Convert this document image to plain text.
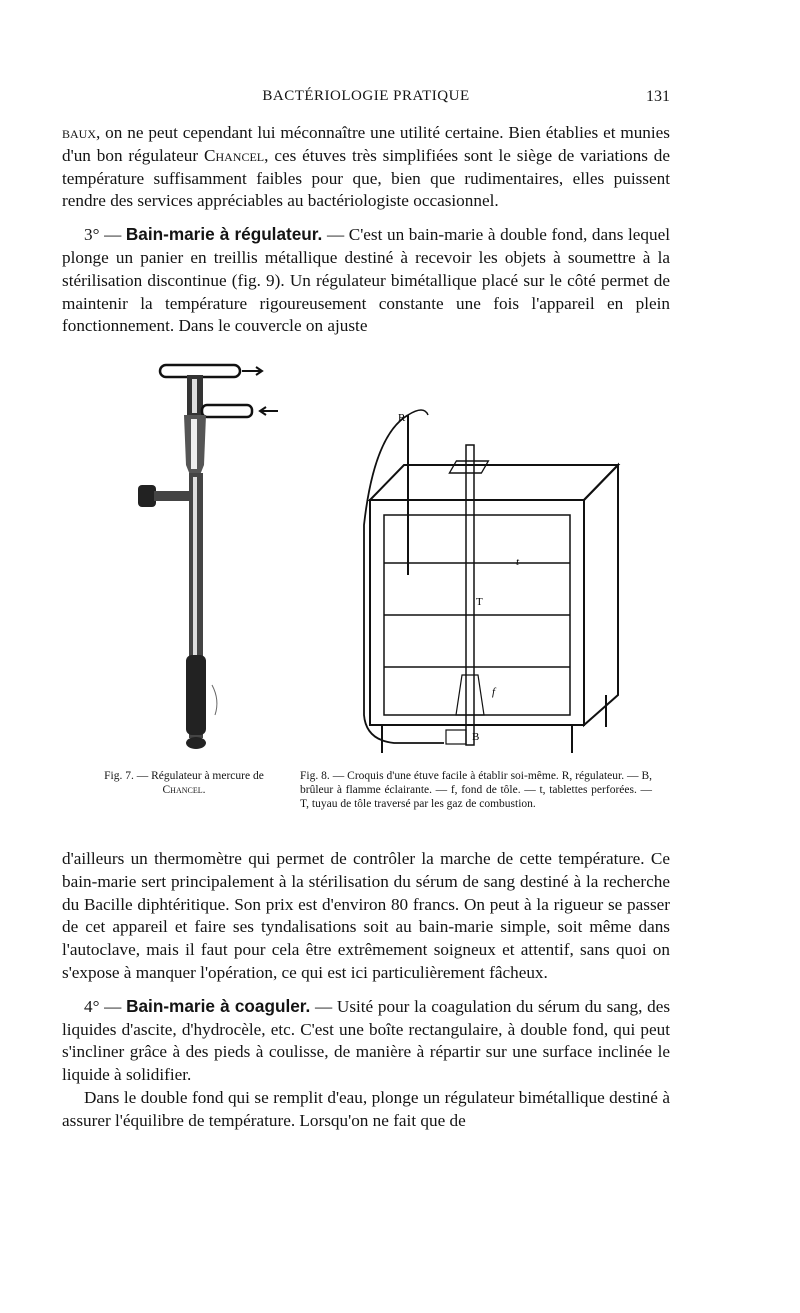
BACTÉRIOLOGIE PRATIQUE	131

baux, on ne peut cependant lui méconnaître une utilité certaine. Bien établies et munies d'un bon régulateur Chancel, ces étuves très simplifiées sont le siège de variations de température suffisamment faibles pour que, bien que rudimentaires, elles puissent rendre des services appréciables au bactériologiste occasionnel.

3° — Bain-marie à régulateur. — C'est un bain-marie à double fond, dans lequel plonge un panier en treillis métallique destiné à recevoir les objets à soumettre à la stérilisation discontinue (fig. 9). Un régulateur bimétallique placé sur le côté permet de maintenir la température rigoureusement constante une fois l'appareil en plein fonctionnement. Dans le couvercle on ajuste

R
T
B
f
t
Fig. 7. — Régulateur à mercure de Chancel.
Fig. 8. — Croquis d'une étuve facile à établir soi-même. R, régulateur. — B, brûleur à flamme éclairante. — f, fond de tôle. — t, tablettes perforées. — T, tuyau de tôle traversé par les gaz de combustion.

d'ailleurs un thermomètre qui permet de contrôler la marche de cette température. Ce bain-marie sert principalement à la stérilisation du sérum de sang destiné à la recherche du Bacille diphtéritique. Son prix est d'environ 80 francs. On peut à la rigueur se passer de cet appareil et faire ses tyndalisations soit au bain-marie simple, soit même dans l'autoclave, mais il faut pour cela être extrêmement soigneux et attentif, sans quoi on s'expose à manquer l'opération, ce qui est ici particulièrement fâcheux.

4° — Bain-marie à coaguler. — Usité pour la coagulation du sérum du sang, des liquides d'ascite, d'hydrocèle, etc. C'est une boîte rectangulaire, à double fond, qui peut s'incliner grâce à des pieds à coulisse, de manière à répartir sur une surface inclinée le liquide à solidifier.

Dans le double fond qui se remplit d'eau, plonge un régulateur bimétallique destiné à assurer l'équilibre de température. Lorsqu'on ne fait que de
